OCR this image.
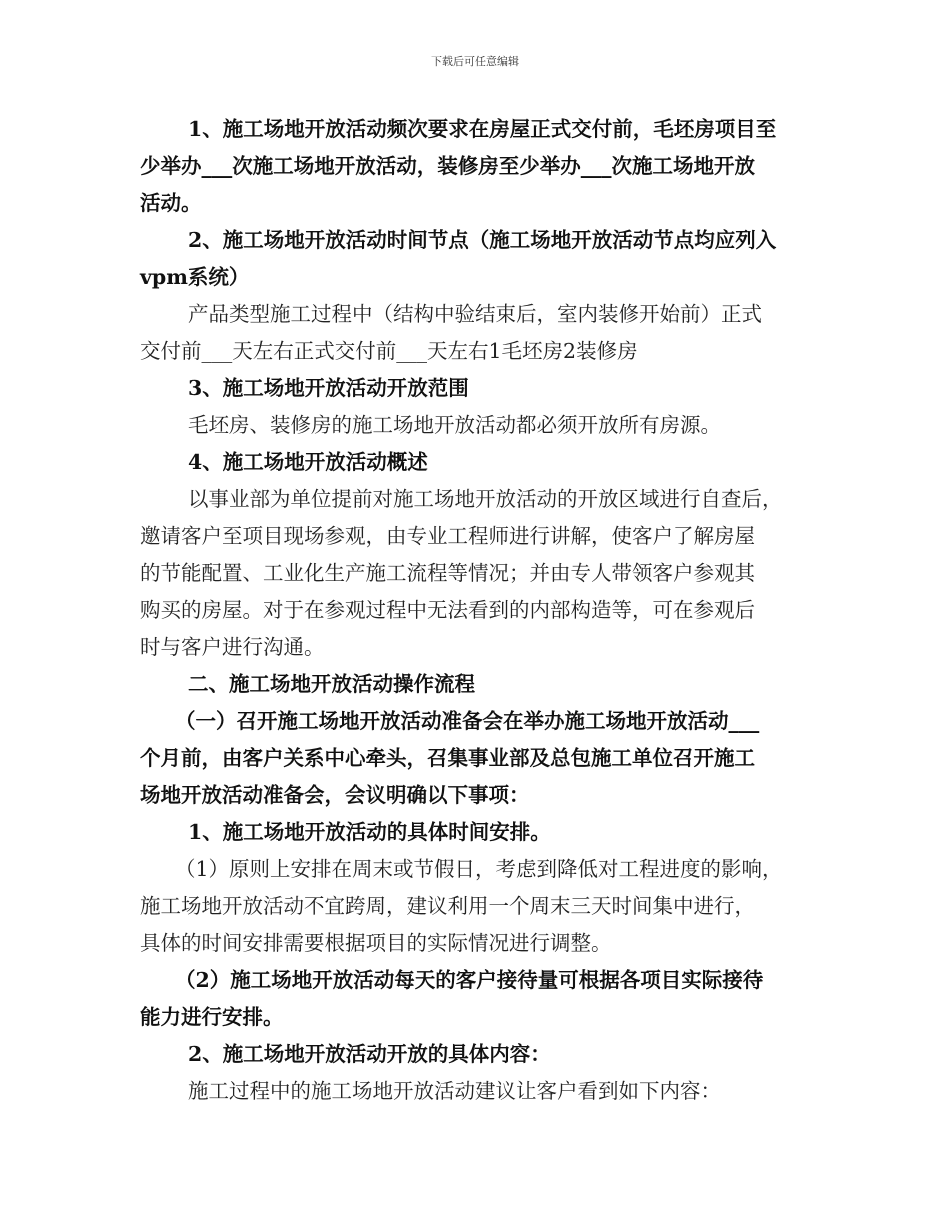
下载后可任意编辑
1、施工场地开放活动频次要求在房屋正式交付前，毛坯房项目至
少举办___次施工场地开放活动，装修房至少举办___次施工场地开放
活动。
2、施工场地开放活动时间节点（施工场地开放活动节点均应列入
vpm系统）
产品类型施工过程中（结构中验结束后，室内装修开始前）正式
交付前___天左右正式交付前___天左右1毛坯房2装修房
3、施工场地开放活动开放范围
毛坯房、装修房的施工场地开放活动都必须开放所有房源。
4、施工场地开放活动概述
以事业部为单位提前对施工场地开放活动的开放区域进行自查后，
邀请客户至项目现场参观，由专业工程师进行讲解，使客户了解房屋
的节能配置、工业化生产施工流程等情况；并由专人带领客户参观其
购买的房屋。对于在参观过程中无法看到的内部构造等，可在参观后
时与客户进行沟通。
二、施工场地开放活动操作流程
（一）召开施工场地开放活动准备会在举办施工场地开放活动___
个月前，由客户关系中心牵头，召集事业部及总包施工单位召开施工
场地开放活动准备会，会议明确以下事项：
1、施工场地开放活动的具体时间安排。
（1）原则上安排在周末或节假日，考虑到降低对工程进度的影响，
施工场地开放活动不宜跨周，建议利用一个周末三天时间集中进行，
具体的时间安排需要根据项目的实际情况进行调整。
（2）施工场地开放活动每天的客户接待量可根据各项目实际接待
能力进行安排。
2、施工场地开放活动开放的具体内容：
施工过程中的施工场地开放活动建议让客户看到如下内容：
